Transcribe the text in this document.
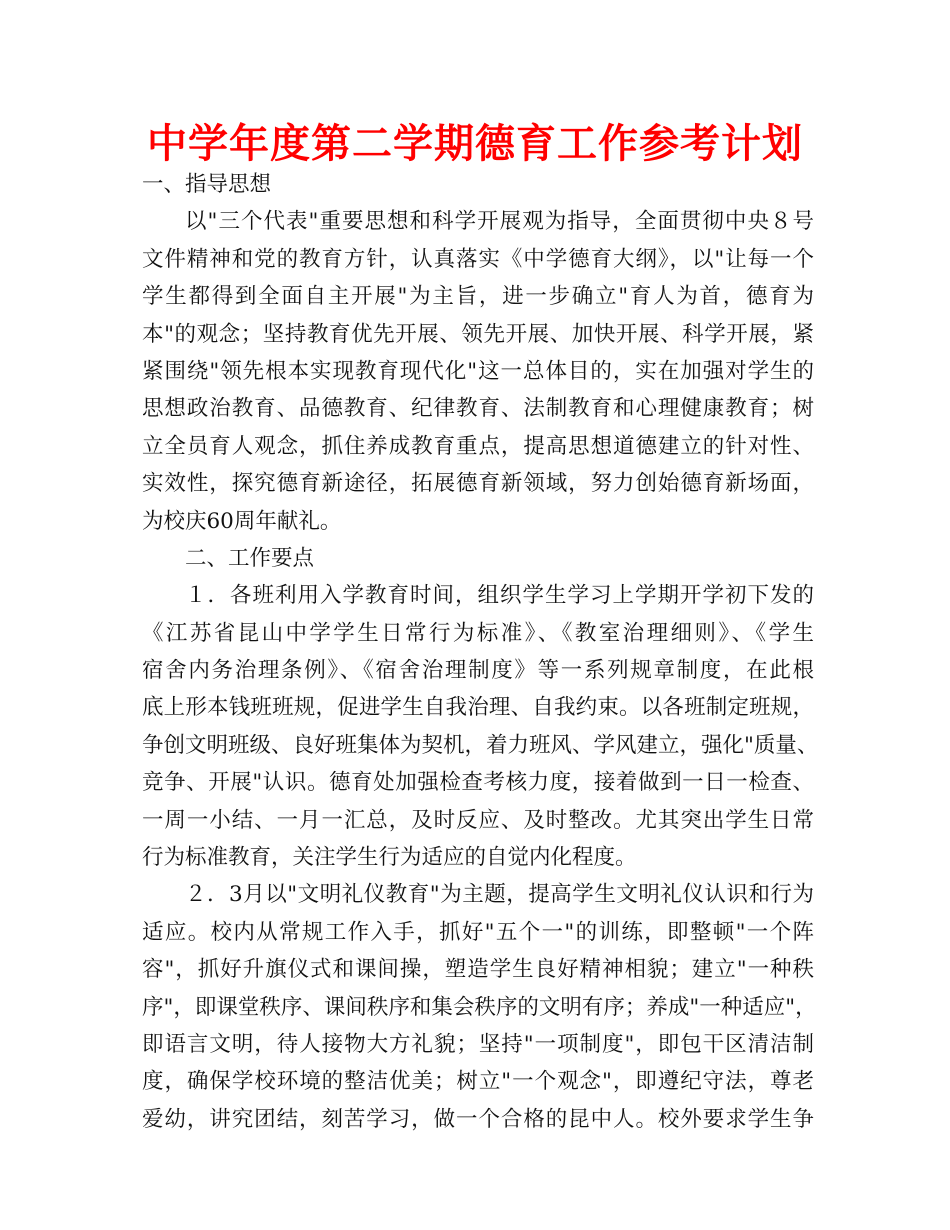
中学年度第二学期德育工作参考计划
一、指导思想
以"三个代表"重要思想和科学开展观为指导，全面贯彻中央８号
文件精神和党的教育方针，认真落实《中学德育大纲》，以"让每一个
学生都得到全面自主开展"为主旨，进一步确立"育人为首，德育为
本"的观念；坚持教育优先开展、领先开展、加快开展、科学开展，紧
紧围绕"领先根本实现教育现代化"这一总体目的，实在加强对学生的
思想政治教育、品德教育、纪律教育、法制教育和心理健康教育；树
立全员育人观念，抓住养成教育重点，提高思想道德建立的针对性、
实效性，探究德育新途径，拓展德育新领域，努力创始德育新场面，
为校庆60周年献礼。
二、工作要点
１．各班利用入学教育时间，组织学生学习上学期开学初下发的
《江苏省昆山中学学生日常行为标准》、《教室治理细则》、《学生
宿舍内务治理条例》、《宿舍治理制度》等一系列规章制度，在此根
底上形本钱班班规，促进学生自我治理、自我约束。以各班制定班规，
争创文明班级、良好班集体为契机，着力班风、学风建立，强化"质量、
竞争、开展"认识。德育处加强检查考核力度，接着做到一日一检查、
一周一小结、一月一汇总，及时反应、及时整改。尤其突出学生日常
行为标准教育，关注学生行为适应的自觉内化程度。
２．3月以"文明礼仪教育"为主题，提高学生文明礼仪认识和行为
适应。校内从常规工作入手，抓好"五个一"的训练，即整顿"一个阵
容"，抓好升旗仪式和课间操，塑造学生良好精神相貌；建立"一种秩
序"，即课堂秩序、课间秩序和集会秩序的文明有序；养成"一种适应"，
即语言文明，待人接物大方礼貌；坚持"一项制度"，即包干区清洁制
度，确保学校环境的整洁优美；树立"一个观念"，即遵纪守法，尊老
爱幼，讲究团结，刻苦学习，做一个合格的昆中人。校外要求学生争
